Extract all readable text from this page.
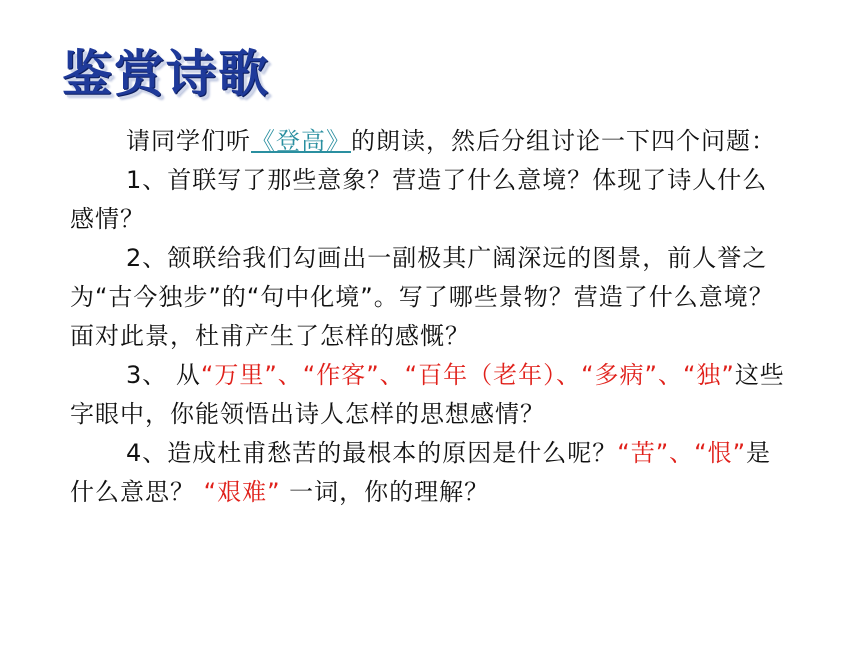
鉴赏诗歌

请同学们听《登高》的朗读，然后分组讨论一下四个问题：

1、首联写了那些意象？营造了什么意境？体现了诗人什么感情？

2、颔联给我们勾画出一副极其广阔深远的图景，前人誉之为“古今独步”的“句中化境”。写了哪些景物？营造了什么意境？面对此景，杜甫产生了怎样的感慨？

3、 从“万里”、“作客”、“百年（老年）、“多病”、“独”这些字眼中，你能领悟出诗人怎样的思想感情？

4、造成杜甫愁苦的最根本的原因是什么呢？“苦”、“恨”是什么意思？ “艰难” 一词，你的理解？
